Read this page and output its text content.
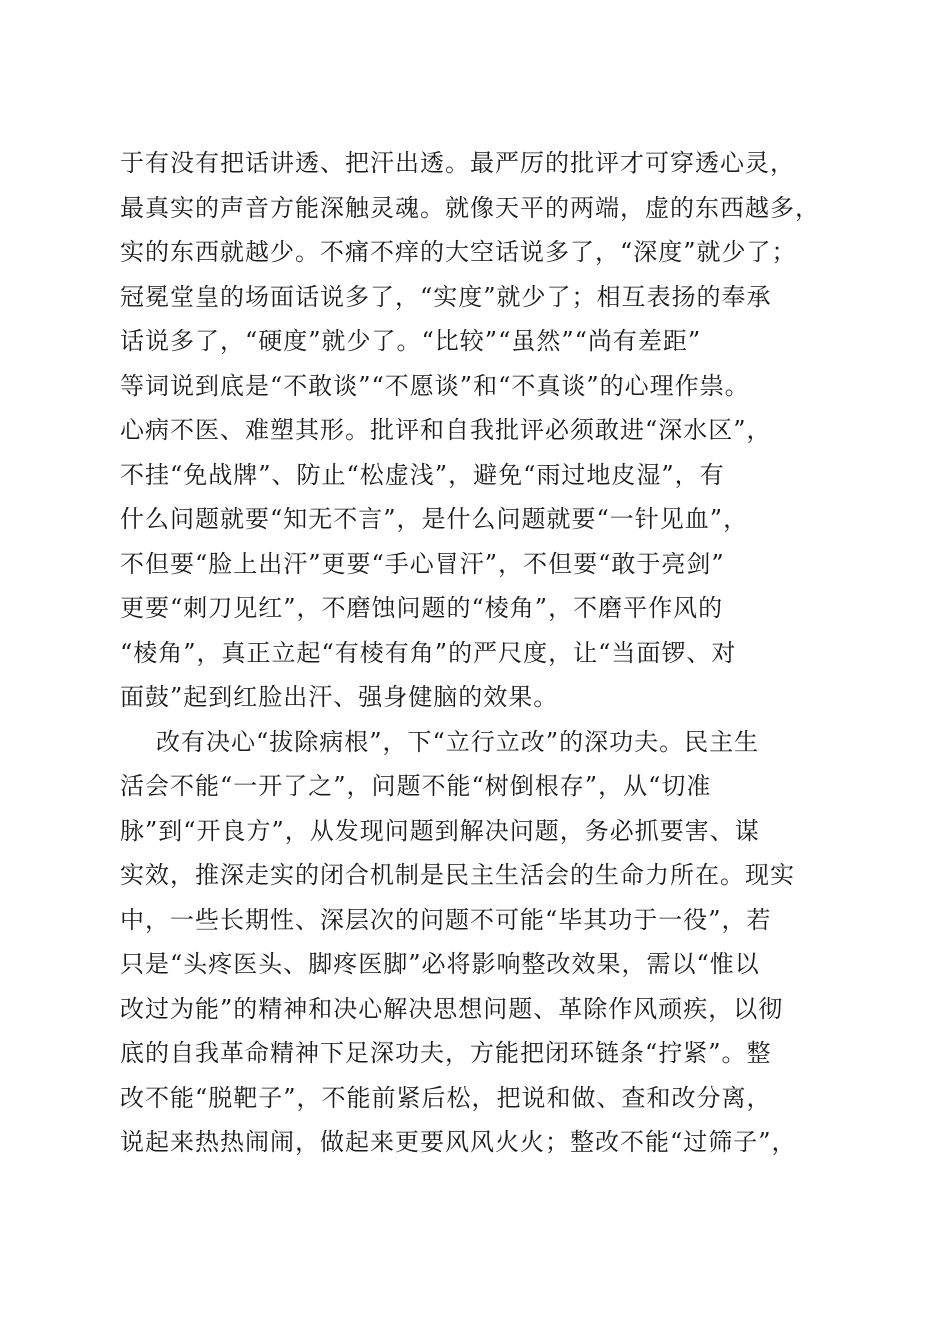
于有没有把话讲透、把汗出透。最严厉的批评才可穿透心灵，
最真实的声音方能深触灵魂。就像天平的两端，虚的东西越多，
实的东西就越少。不痛不痒的大空话说多了，“深度”就少了；
冠冕堂皇的场面话说多了，“实度”就少了；相互表扬的奉承
话说多了，“硬度”就少了。“比较”“虽然”“尚有差距”
等词说到底是“不敢谈”“不愿谈”和“不真谈”的心理作祟。
心病不医、难塑其形。批评和自我批评必须敢进“深水区”，
不挂“免战牌”、防止“松虚浅”，避免“雨过地皮湿”，有
什么问题就要“知无不言”，是什么问题就要“一针见血”，
不但要“脸上出汗”更要“手心冒汗”，不但要“敢于亮剑”
更要“刺刀见红”，不磨蚀问题的“棱角”，不磨平作风的
“棱角”，真正立起“有棱有角”的严尺度，让“当面锣、对
面鼓”起到红脸出汗、强身健脑的效果。
改有决心“拔除病根”，下“立行立改”的深功夫。民主生
活会不能“一开了之”，问题不能“树倒根存”，从“切准
脉”到“开良方”，从发现问题到解决问题，务必抓要害、谋
实效，推深走实的闭合机制是民主生活会的生命力所在。现实
中，一些长期性、深层次的问题不可能“毕其功于一役”，若
只是“头疼医头、脚疼医脚”必将影响整改效果，需以“惟以
改过为能”的精神和决心解决思想问题、革除作风顽疾，以彻
底的自我革命精神下足深功夫，方能把闭环链条“拧紧”。整
改不能“脱靶子”，不能前紧后松，把说和做、查和改分离，
说起来热热闹闹，做起来更要风风火火；整改不能“过筛子”，
